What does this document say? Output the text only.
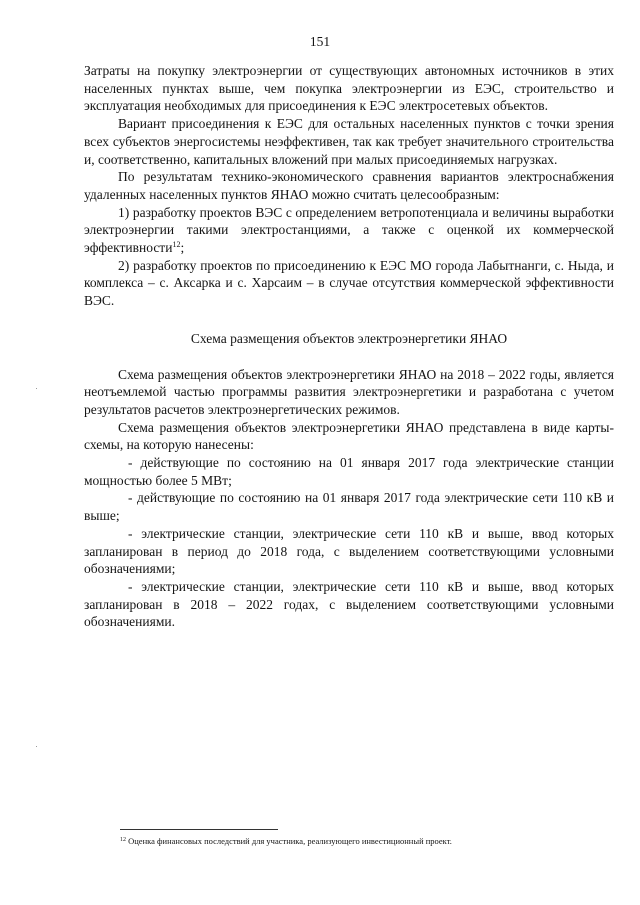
151

Затраты на покупку электроэнергии от существующих автономных источников в этих населенных пунктах выше, чем покупка электроэнергии из ЕЭС, строительство и эксплуатация необходимых для присоединения к ЕЭС электросетевых объектов.

Вариант присоединения к ЕЭС для остальных населенных пунктов с точки зрения всех субъектов энергосистемы неэффективен, так как требует значительного строительства и, соответственно, капитальных вложений при малых присоединяемых нагрузках.

По результатам технико-экономического сравнения вариантов электроснабжения удаленных населенных пунктов ЯНАО можно считать целесообразным:

1) разработку проектов ВЭС с определением ветропотенциала и величины выработки электроэнергии такими электростанциями, а также с оценкой их коммерческой эффективности$^{12}$;

2) разработку проектов по присоединению к ЕЭС МО города Лабытнанги, с. Ныда, и комплекса – с. Аксарка и с. Харсаим – в случае отсутствия коммерческой эффективности ВЭС.

Схема размещения объектов электроэнергетики ЯНАО

Схема размещения объектов электроэнергетики ЯНАО на 2018 – 2022 годы, является неотъемлемой частью программы развития электроэнергетики и разработана с учетом результатов расчетов электроэнергетических режимов.

Схема размещения объектов электроэнергетики ЯНАО представлена в виде карты-схемы, на которую нанесены:

- действующие по состоянию на 01 января 2017 года электрические станции мощностью более 5 МВт;

- действующие по состоянию на 01 января 2017 года электрические сети 110 кВ и выше;

- электрические станции, электрические сети 110 кВ и выше, ввод которых запланирован в период до 2018 года, с выделением соответствующими условными обозначениями;

- электрические станции, электрические сети 110 кВ и выше, ввод которых запланирован в 2018 – 2022 годах, с выделением соответствующими условными обозначениями.

$^{12}$ Оценка финансовых последствий для участника, реализующего инвестиционный проект.
